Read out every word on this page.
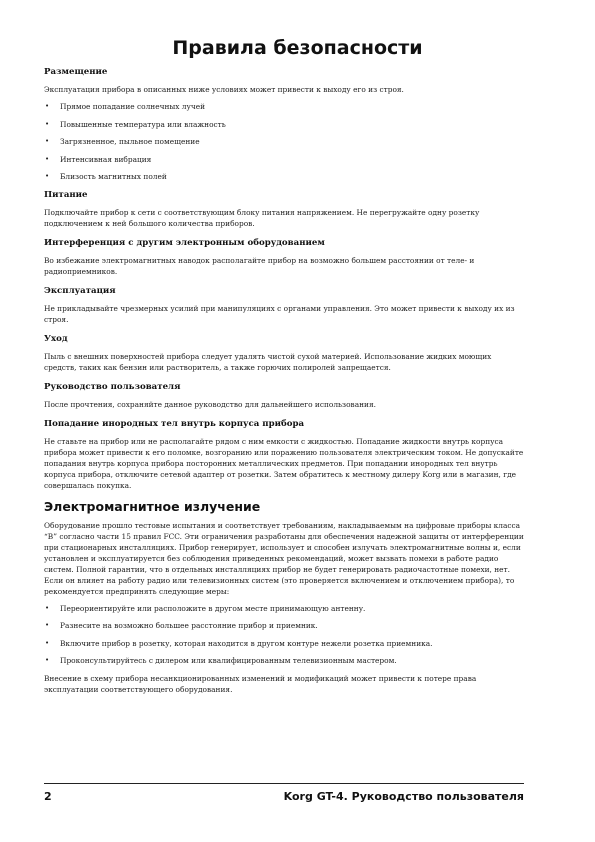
Правила безопасности
Размещение
Эксплуатация прибора в описанных ниже условиях может привести к выходу его из строя.
• Прямое попадание солнечных лучей
• Повышенные температура или влажность
• Загрязненное, пыльное помещение
• Интенсивная вибрация
• Близость магнитных полей
Питание
Подключайте прибор к сети с соответствующим блоку питания напряжением. Не перегружайте одну розетку подключением к ней большого количества приборов.
Интерференция с другим электронным оборудованием
Во избежание электромагнитных наводок располагайте прибор на возможно большем расстоянии от теле- и радиоприемников.
Эксплуатация
Не прикладывайте чрезмерных усилий при манипуляциях с органами управления. Это может привести к выходу их из строя.
Уход
Пыль с внешних поверхностей прибора следует удалять чистой сухой материей. Использование жидких моющих средств, таких как бензин или растворитель, а также горючих полиролей запрещается.
Руководство пользователя
После прочтения, сохраняйте данное руководство для дальнейшего использования.
Попадание инородных тел внутрь корпуса прибора
Не ставьте на прибор или не располагайте рядом с ним емкости с жидкостью. Попадание жидкости внутрь корпуса прибора может привести к его поломке, возгоранию или поражению пользователя электрическим током. Не допускайте попадания внутрь корпуса прибора посторонних металлических предметов. При попадании инородных тел внутрь корпуса прибора, отключите сетевой адаптер от розетки. Затем обратитесь к местному дилеру Korg или в магазин, где совершалась покупка.
Электромагнитное излучение
Оборудование прошло тестовые испытания и соответствует требованиям, накладываемым на цифровые приборы класса “B” согласно части 15 правил FCC. Эти ограничения разработаны для обеспечения надежной защиты от интерференции при стационарных инсталляциях. Прибор генерирует, использует и способен излучать электромагнитные волны и, если установлен и эксплуатируется без соблюдения приведенных рекомендаций, может вызвать помехи в работе радио систем. Полной гарантии, что в отдельных инсталляциях прибор не будет генерировать радиочастотные помехи, нет. Если он влияет на работу радио или телевизионных систем (это проверяется включением и отключением прибора), то рекомендуется предпринять следующие меры:
• Переориентируйте или расположите в другом месте принимающую антенну.
• Разнесите на возможно большее расстояние прибор и приемник.
• Включите прибор в розетку, которая находится в другом контуре нежели розетка приемника.
• Проконсультируйтесь с дилером или квалифицированным телевизионным мастером.
Внесение в схему прибора несанкционированных изменений и модификаций может привести к потере права эксплуатации соответствующего оборудования.
2	Korg GT-4. Руководство пользователя
